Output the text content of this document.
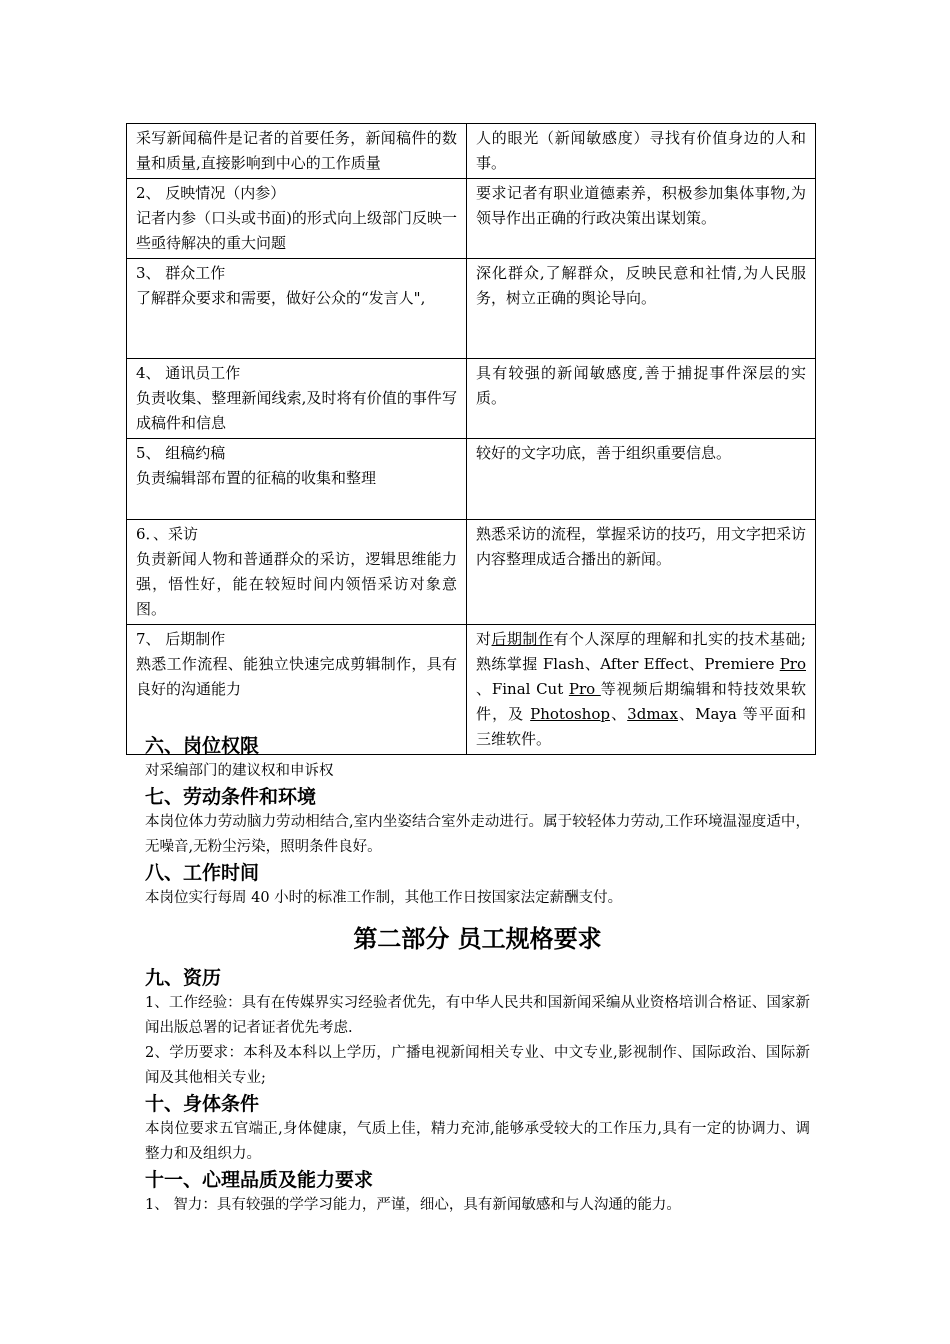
采写新闻稿件是记者的首要任务，新闻稿件的数量和质量,直接影响到中心的工作质量	人的眼光（新闻敏感度）寻找有价值身边的人和事。

2、 反映情况（内参）
记者内参（口头或书面)的形式向上级部门反映一些亟待解决的重大问题	要求记者有职业道德素养，积极参加集体事物,为领导作出正确的行政决策出谋划策。

3、 群众工作
了解群众要求和需要，做好公众的“发言人",	深化群众,了解群众，反映民意和社情,为人民服务，树立正确的舆论导向。

4、 通讯员工作
负责收集、整理新闻线索,及时将有价值的事件写成稿件和信息	具有较强的新闻敏感度,善于捕捉事件深层的实质。

5、 组稿约稿
负责编辑部布置的征稿的收集和整理	较好的文字功底，善于组织重要信息。

6．、采访
负责新闻人物和普通群众的采访，逻辑思维能力强，悟性好，能在较短时间内领悟采访对象意图。	熟悉采访的流程，掌握采访的技巧，用文字把采访内容整理成适合播出的新闻。

7、 后期制作
熟悉工作流程、能独立快速完成剪辑制作，具有良好的沟通能力	对后期制作有个人深厚的理解和扎实的技术基础; 熟练掌握 Flash、After Effect、Premiere Pro 、Final Cut Pro 等视频后期编辑和特技效果软件，及 Photoshop、3dmax、Maya 等平面和三维软件。
六、岗位权限

对采编部门的建议权和申诉权

七、劳动条件和环境

本岗位体力劳动脑力劳动相结合,室内坐姿结合室外走动进行。属于较轻体力劳动,工作环境温湿度适中，无噪音,无粉尘污染，照明条件良好。

八、工作时间

本岗位实行每周 40 小时的标准工作制，其他工作日按国家法定薪酬支付。

第二部分 员工规格要求
九、资历

1、工作经验：具有在传媒界实习经验者优先，有中华人民共和国新闻采编从业资格培训合格证、国家新闻出版总署的记者证者优先考虑.

2、学历要求：本科及本科以上学历，广播电视新闻相关专业、中文专业,影视制作、国际政治、国际新闻及其他相关专业;

十、身体条件

本岗位要求五官端正,身体健康，气质上佳，精力充沛,能够承受较大的工作压力,具有一定的协调力、调整力和及组织力。

十一、心理品质及能力要求

1、 智力：具有较强的学学习能力，严谨，细心，具有新闻敏感和与人沟通的能力。
